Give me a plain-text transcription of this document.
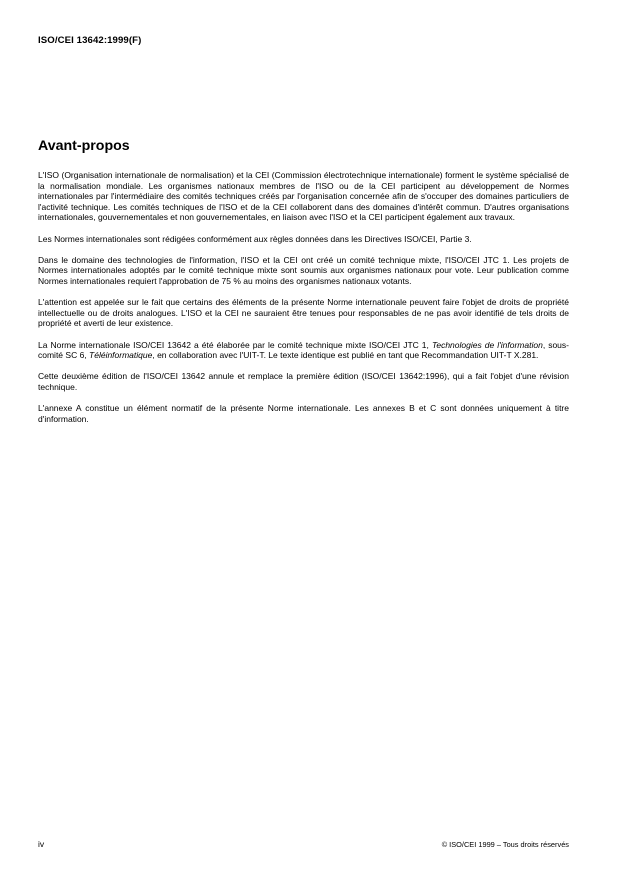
ISO/CEI 13642:1999(F)
Avant-propos

L'ISO (Organisation internationale de normalisation) et la CEI (Commission électrotechnique internationale) forment le système spécialisé de la normalisation mondiale. Les organismes nationaux membres de l'ISO ou de la CEI participent au développement de Normes internationales par l'intermédiaire des comités techniques créés par l'organisation concernée afin de s'occuper des domaines particuliers de l'activité technique. Les comités techniques de l'ISO et de la CEI collaborent dans des domaines d'intérêt commun. D'autres organisations internationales, gouvernementales et non gouvernementales, en liaison avec l'ISO et la CEI participent également aux travaux.

Les Normes internationales sont rédigées conformément aux règles données dans les Directives ISO/CEI, Partie 3.

Dans le domaine des technologies de l'information, l'ISO et la CEI ont créé un comité technique mixte, l'ISO/CEI JTC 1. Les projets de Normes internationales adoptés par le comité technique mixte sont soumis aux organismes nationaux pour vote. Leur publication comme Normes internationales requiert l'approbation de 75 % au moins des organismes nationaux votants.

L'attention est appelée sur le fait que certains des éléments de la présente Norme internationale peuvent faire l'objet de droits de propriété intellectuelle ou de droits analogues. L'ISO et la CEI ne sauraient être tenues pour responsables de ne pas avoir identifié de tels droits de propriété et averti de leur existence.

La Norme internationale ISO/CEI 13642 a été élaborée par le comité technique mixte ISO/CEI JTC 1, Technologies de l'information, sous-comité SC 6, Téléinformatique, en collaboration avec l'UIT-T. Le texte identique est publié en tant que Recommandation UIT-T X.281.

Cette deuxième édition de l'ISO/CEI 13642 annule et remplace la première édition (ISO/CEI 13642:1996), qui a fait l'objet d'une révision technique.

L'annexe A constitue un élément normatif de la présente Norme internationale. Les annexes B et C sont données uniquement à titre d'information.

iv	© ISO/CEI 1999 – Tous droits réservés
